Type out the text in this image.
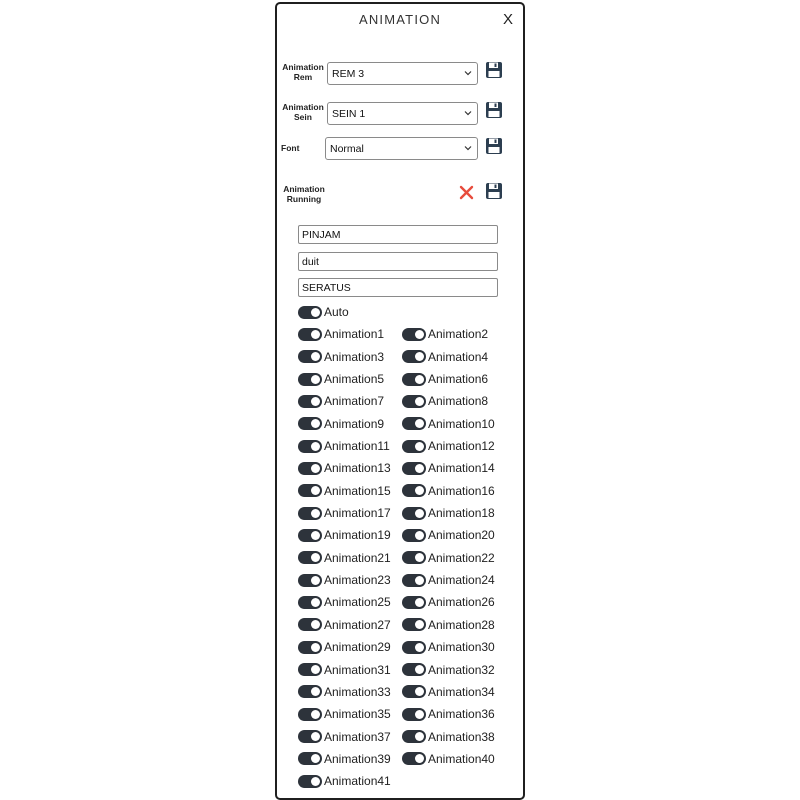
ANIMATION	X
Animation
Rem	REM 3
Animation
Sein	SEIN 1
Font	Normal
Animation
Running
PINJAM
duit
SERATUS
Auto
Animation1	Animation2
Animation3	Animation4
Animation5	Animation6
Animation7	Animation8
Animation9	Animation10
Animation11	Animation12
Animation13	Animation14
Animation15	Animation16
Animation17	Animation18
Animation19	Animation20
Animation21	Animation22
Animation23	Animation24
Animation25	Animation26
Animation27	Animation28
Animation29	Animation30
Animation31	Animation32
Animation33	Animation34
Animation35	Animation36
Animation37	Animation38
Animation39	Animation40
Animation41
